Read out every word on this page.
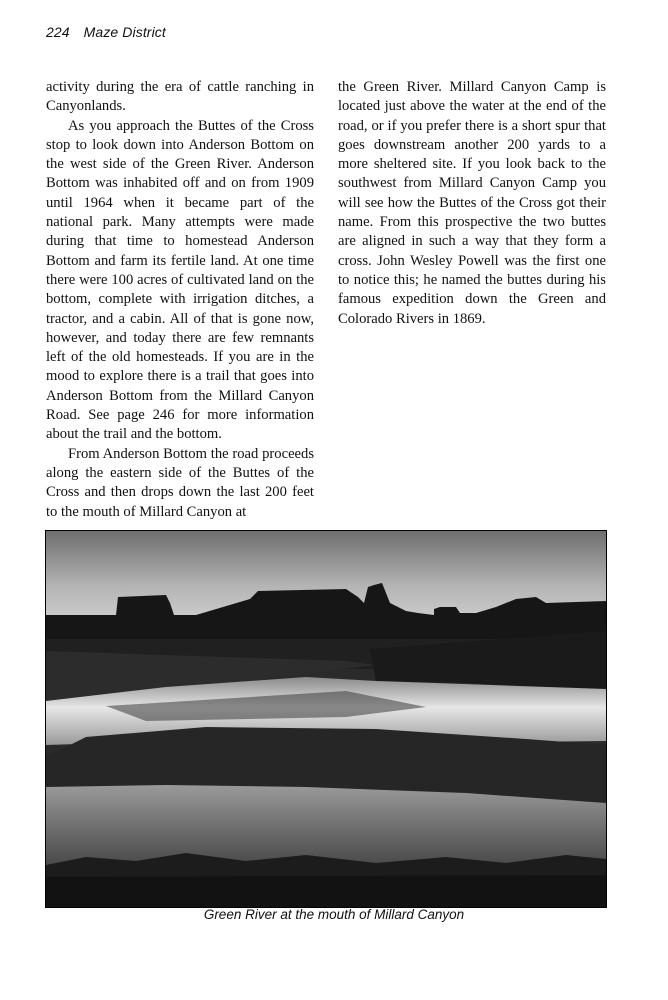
224 Maze District

activity during the era of cattle ranching in Canyonlands.

As you approach the Buttes of the Cross stop to look down into Anderson Bottom on the west side of the Green River. Anderson Bottom was inhabited off and on from 1909 until 1964 when it became part of the national park. Many attempts were made during that time to homestead Anderson Bottom and farm its fertile land. At one time there were 100 acres of cultivated land on the bottom, complete with irrigation ditches, a tractor, and a cabin. All of that is gone now, however, and today there are few remnants left of the old homesteads. If you are in the mood to explore there is a trail that goes into Anderson Bottom from the Millard Canyon Road. See page 246 for more information about the trail and the bottom.

From Anderson Bottom the road proceeds along the eastern side of the Buttes of the Cross and then drops down the last 200 feet to the mouth of Millard Canyon at

the Green River. Millard Canyon Camp is located just above the water at the end of the road, or if you prefer there is a short spur that goes downstream another 200 yards to a more sheltered site. If you look back to the southwest from Millard Canyon Camp you will see how the Buttes of the Cross got their name. From this prospective the two buttes are aligned in such a way that they form a cross. John Wesley Powell was the first one to notice this; he named the buttes during his famous expedition down the Green and Colorado Rivers in 1869.

Green River at the mouth of Millard Canyon
